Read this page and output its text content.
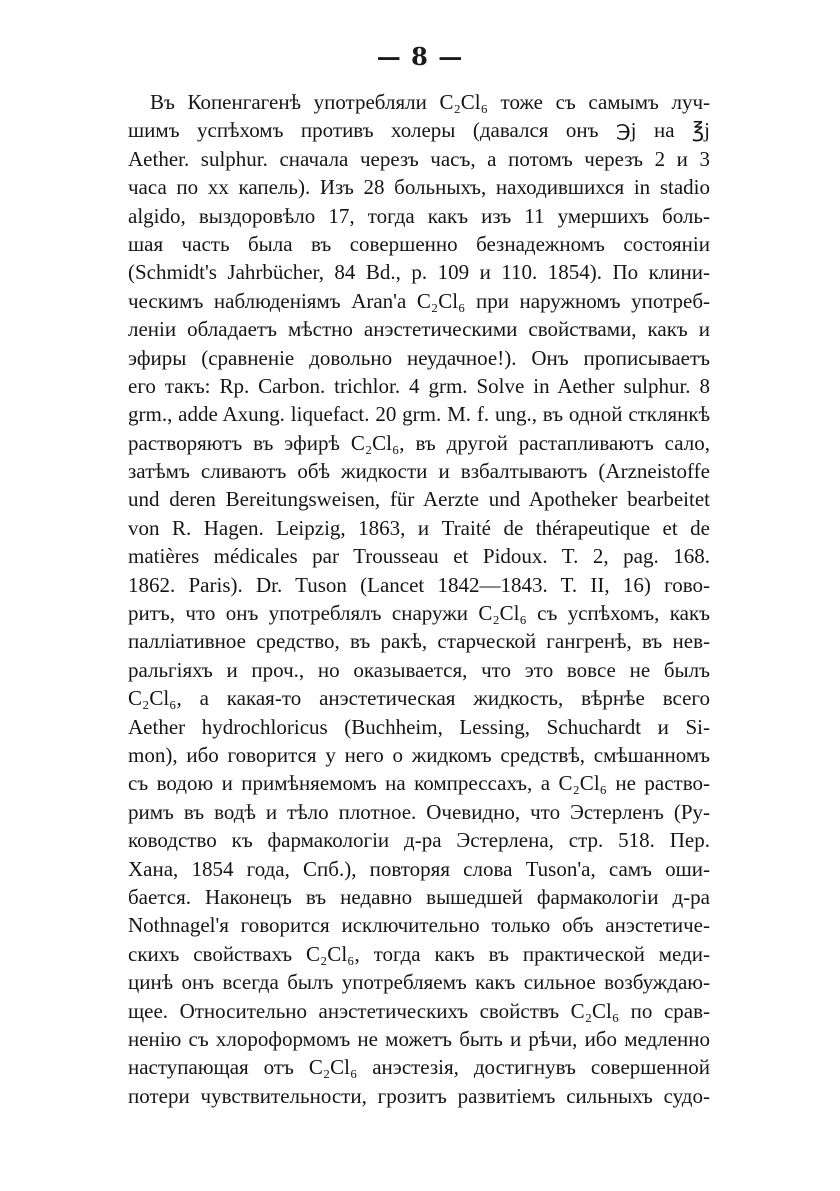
— 8 —
Въ Копенгагенѣ употребляли C₂Cl₆ тоже съ самымъ луч-
шимъ успѣхомъ противъ холеры (давался онъ ℈j на ℥j
Aether. sulphur. сначала черезъ часъ, а потомъ черезъ 2 и 3
часа по xx капель). Изъ 28 больныхъ, находившихся in stadio
algido, выздоровѣло 17, тогда какъ изъ 11 умершихъ боль-
шая часть была въ совершенно безнадежномъ состояніи
(Schmidt's Jahrbücher, 84 Bd., p. 109 и 110. 1854). По клини-
ческимъ наблюденіямъ Aran'a C₂Cl₆ при наружномъ употреб-
леніи обладаетъ мѣстно анэстетическими свойствами, какъ и
эфиры (сравненіе довольно неудачное!). Онъ прописываетъ
его такъ: Rp. Carbon. trichlor. 4 grm. Solve in Aether sulphur. 8
grm., adde Axung. liquefact. 20 grm. M. f. ung., въ одной стклянкѣ
растворяютъ въ эфирѣ C₂Cl₆, въ другой растапливаютъ сало,
затѣмъ сливаютъ обѣ жидкости и взбалтываютъ (Arzneistoffe
und deren Bereitungsweisen, für Aerzte und Apotheker bearbeitet
von R. Hagen. Leipzig, 1863, и Traité de thérapeutique et de
matières médicales par Trousseau et Pidoux. T. 2, pag. 168.
1862. Paris). Dr. Tuson (Lancet 1842—1843. T. II, 16) гово-
ритъ, что онъ употреблялъ снаружи C₂Cl₆ съ успѣхомъ, какъ
палліативное средство, въ ракѣ, старческой гангренѣ, въ нев-
ральгіяхъ и проч., но оказывается, что это вовсе не былъ
C₂Cl₆, а какая-то анэстетическая жидкость, вѣрнѣе всего
Aether hydrochloricus (Buchheim, Lessing, Schuchardt и Si-
mon), ибо говорится у него о жидкомъ средствѣ, смѣшанномъ
съ водою и примѣняемомъ на компрессахъ, а C₂Cl₆ не раство-
римъ въ водѣ и тѣло плотное. Очевидно, что Эстерленъ (Ру-
ководство къ фармакологіи д-ра Эстерлена, стр. 518. Пер.
Хана, 1854 года, Спб.), повторяя слова Tuson'a, самъ оши-
бается. Наконецъ въ недавно вышедшей фармакологіи д-ра
Nothnagel'я говорится исключительно только объ анэстетиче-
скихъ свойствахъ C₂Cl₆, тогда какъ въ практической меди-
цинѣ онъ всегда былъ употребляемъ какъ сильное возбуждаю-
щее. Относительно анэстетическихъ свойствъ C₂Cl₆ по срав-
ненію съ хлороформомъ не можетъ быть и рѣчи, ибо медленно
наступающая отъ C₂Cl₆ анэстезія, достигнувъ совершенной
потери чувствительности, грозитъ развитіемъ сильныхъ судо-
